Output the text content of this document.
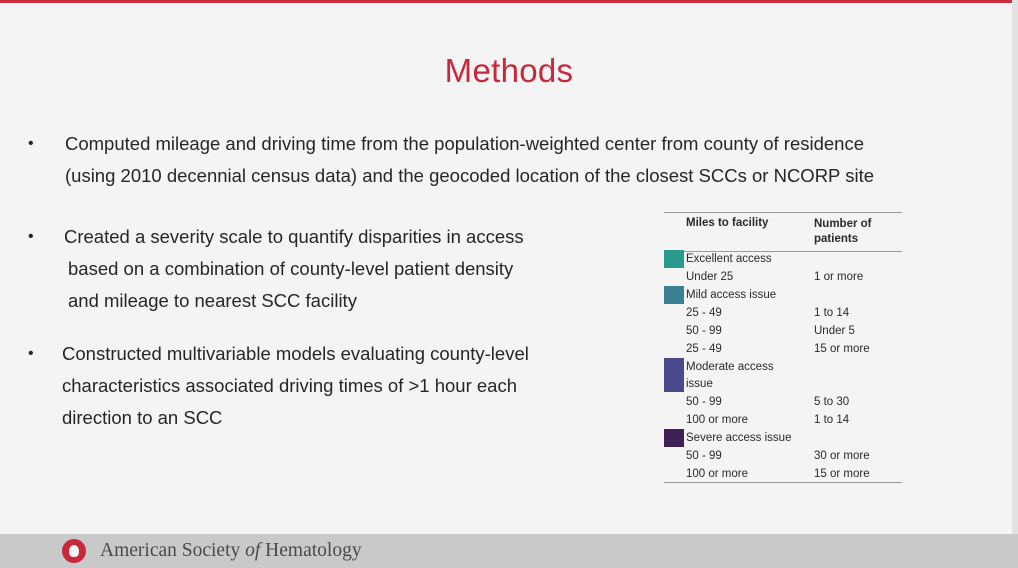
Methods
• Computed mileage and driving time from the population-weighted center from county of residence
(using 2010 decennial census data) and the geocoded location of the closest SCCs or NCORP site
• Created a severity scale to quantify disparities in access
based on a combination of county-level patient density
and mileage to nearest SCC facility
• Constructed multivariable models evaluating county-level
characteristics associated driving times of >1 hour each
direction to an SCC
Miles to facility	Number of patients
Excellent access
Under 25	1 or more
Mild access issue
25 - 49	1 to 14
50 - 99	Under 5
25 - 49	15 or more
Moderate access
issue
50 - 99	5 to 30
100 or more	1 to 14
Severe access issue
50 - 99	30 or more
100 or more	15 or more
American Society of Hematology
